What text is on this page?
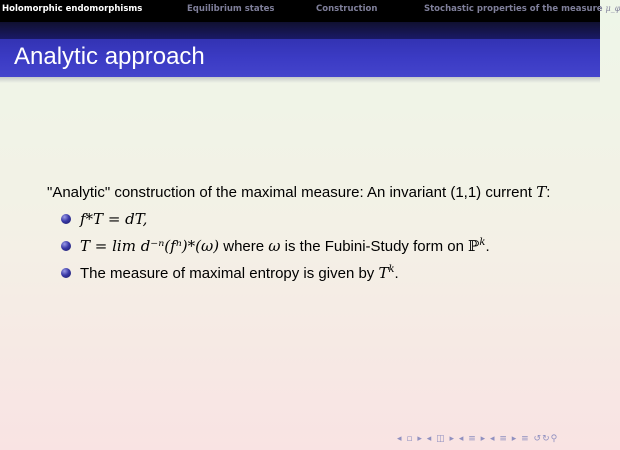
Holomorphic endomorphisms	Equilibrium states	Construction	Stochastic properties of the measure μ_φ
Analytic approach
"Analytic" construction of the maximal measure: An invariant (1,1) current T:
f*T = dT,
T = lim d⁻ⁿ(fⁿ)*(ω) where ω is the Fubini-Study form on ℙ$^k$.
The measure of maximal entropy is given by $T^k$.
◂ ▫ ▸ ◂ ◫ ▸ ◂ ≡ ▸ ◂ ≡ ▸ ≡ ↺↻⚲
